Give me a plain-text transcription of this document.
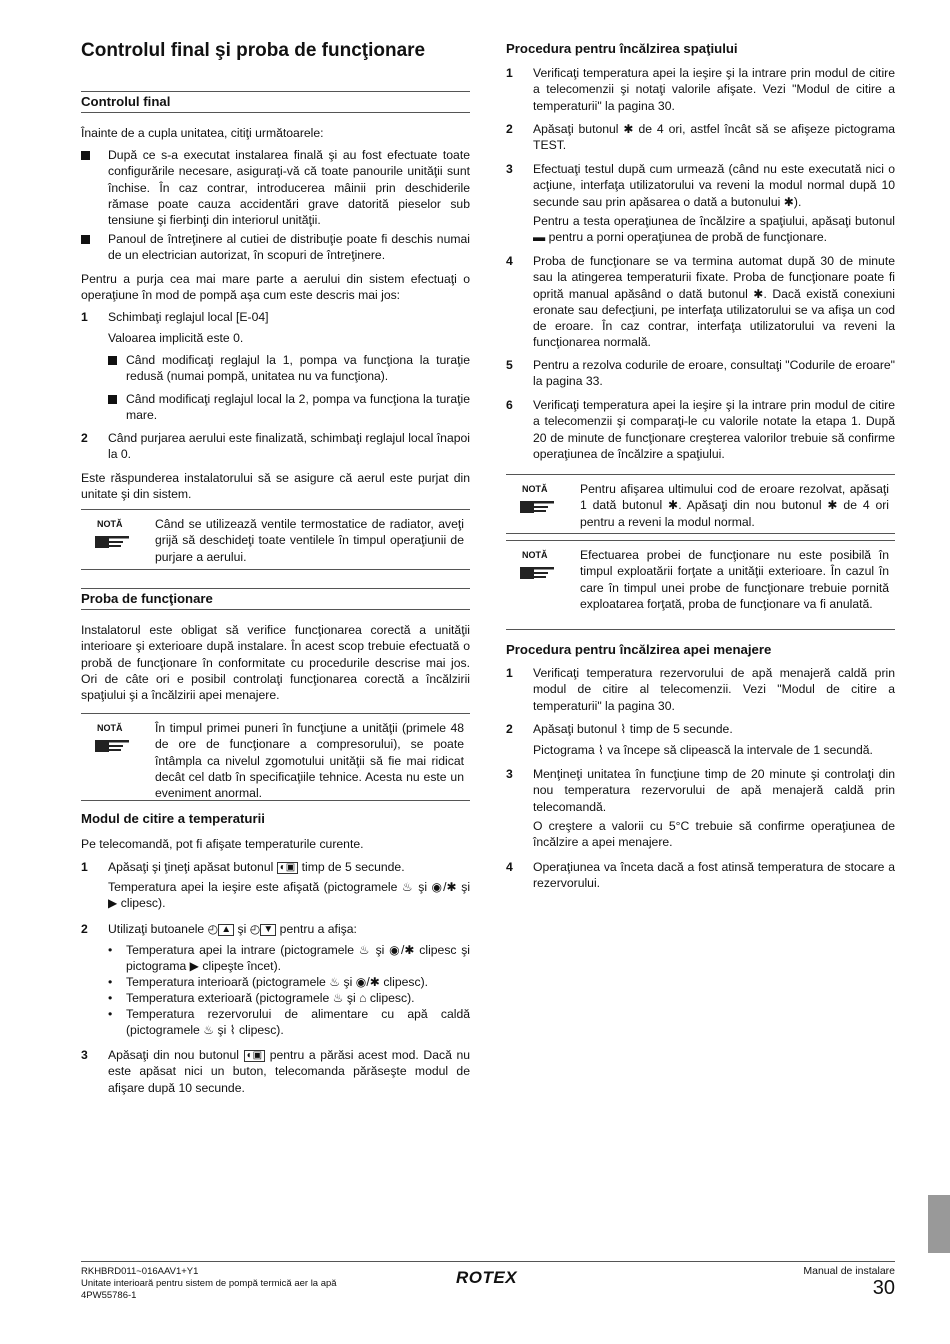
Controlul final şi proba de funcţionare
Controlul final
Înainte de a cupla unitatea, citiţi următoarele:
După ce s-a executat instalarea finală şi au fost efectuate toate configurările necesare, asiguraţi-vă că toate panourile unităţii sunt închise. În caz contrar, introducerea mâinii prin deschiderile rămase poate cauza accidentări grave datorită pieselor sub tensiune şi fierbinţi din interiorul unităţii.
Panoul de întreţinere al cutiei de distribuţie poate fi deschis numai de un electrician autorizat, în scopuri de întreţinere.
Pentru a purja cea mai mare parte a aerului din sistem efectuaţi o operaţiune în mod de pompă aşa cum este descris mai jos:
1 Schimbaţi reglajul local [E-04]
Valoarea implicită este 0.
Când modificaţi reglajul la 1, pompa va funcţiona la turaţie redusă (numai pompă, unitatea nu va funcţiona).
Când modificaţi reglajul local la 2, pompa va funcţiona la turaţie mare.
2 Când purjarea aerului este finalizată, schimbaţi reglajul local înapoi la 0.
Este răspunderea instalatorului să se asigure că aerul este purjat din unitate şi din sistem.
NOTĂ	Când se utilizează ventile termostatice de radiator, aveţi grijă să deschideţi toate ventilele în timpul operaţiunii de purjare a aerului.
Proba de funcţionare
Instalatorul este obligat să verifice funcţionarea corectă a unităţii interioare şi exterioare după instalare. În acest scop trebuie efectuată o probă de funcţionare în conformitate cu procedurile descrise mai jos. Ori de câte ori e posibil controlaţi funcţionarea corectă a încălzirii spaţiului şi a încălzirii apei menajere.
NOTĂ	În timpul primei puneri în funcţiune a unităţii (primele 48 de ore de funcţionare a compresorului), se poate întâmpla ca nivelul zgomotului unităţii să fie mai ridicat decât cel datb în specificaţiile tehnice. Acesta nu este un eveniment anormal.
Modul de citire a temperaturii
Pe telecomandă, pot fi afişate temperaturile curente.
1 Apăsaţi şi ţineţi apăsat butonul ◐▣ timp de 5 secunde.
Temperatura apei la ieşire este afişată (pictogramele ♨ şi ◉/✱ şi ▶ clipesc).
2 Utilizaţi butoanele ◴ ▲ şi ◴ ▼ pentru a afişa:
• Temperatura apei la intrare (pictogramele ♨ şi ◉/✱ clipesc şi pictograma ▶ clipeşte încet).
• Temperatura interioară (pictogramele ♨ şi ◉/✱ clipesc).
• Temperatura exterioară (pictogramele ♨ şi ⌂ clipesc).
• Temperatura rezervorului de alimentare cu apă caldă (pictogramele ♨ şi ⌇ clipesc).
3 Apăsaţi din nou butonul ◐▣ pentru a părăsi acest mod. Dacă nu este apăsat nici un buton, telecomanda părăseşte modul de afişare după 10 secunde.
Procedura pentru încălzirea spaţiului
1 Verificaţi temperatura apei la ieşire şi la intrare prin modul de citire a telecomenzii şi notaţi valorile afişate. Vezi "Modul de citire a temperaturii" la pagina 30.
2 Apăsaţi butonul ✱ de 4 ori, astfel încât să se afişeze pictograma TEST.
3 Efectuaţi testul după cum urmează (când nu este executată nici o acţiune, interfaţa utilizatorului va reveni la modul normal după 10 secunde sau prin apăsarea o dată a butonului ✱).
Pentru a testa operaţiunea de încălzire a spaţiului, apăsaţi butonul ▬ pentru a porni operaţiunea de probă de funcţionare.
4 Proba de funcţionare se va termina automat după 30 de minute sau la atingerea temperaturii fixate. Proba de funcţionare poate fi oprită manual apăsând o dată butonul ✱. Dacă există conexiuni eronate sau defecţiuni, pe interfaţa utilizatorului se va afişa un cod de eroare. În caz contrar, interfaţa utilizatorului va reveni la funcţionarea normală.
5 Pentru a rezolva codurile de eroare, consultaţi "Codurile de eroare" la pagina 33.
6 Verificaţi temperatura apei la ieşire şi la intrare prin modul de citire a telecomenzii şi comparaţi-le cu valorile notate la etapa 1. După 20 de minute de funcţionare creşterea valorilor trebuie să confirme operaţiunea de încălzire a spaţiului.
NOTĂ	Pentru afişarea ultimului cod de eroare rezolvat, apăsaţi 1 dată butonul ✱. Apăsaţi din nou butonul ✱ de 4 ori pentru a reveni la modul normal.
NOTĂ	Efectuarea probei de funcţionare nu este posibilă în timpul exploatării forţate a unităţii exterioare. În cazul în care în timpul unei probe de funcţionare trebuie pornită exploatarea forţată, proba de funcţionare va fi anulată.
Procedura pentru încălzirea apei menajere
1 Verificaţi temperatura rezervorului de apă menajeră caldă prin modul de citire al telecomenzii. Vezi "Modul de citire a temperaturii" la pagina 30.
2 Apăsaţi butonul ⌇ timp de 5 secunde.
Pictograma ⌇ va începe să clipească la intervale de 1 secundă.
3 Menţineţi unitatea în funcţiune timp de 20 minute şi controlaţi din nou temperatura rezervorului de apă menajeră caldă prin telecomandă.
O creştere a valorii cu 5°C trebuie să confirme operaţiunea de încălzire a apei menajere.
4 Operaţiunea va înceta dacă a fost atinsă temperatura de stocare a rezervorului.
RKHBRD011~016AAV1+Y1
Unitate interioară pentru sistem de pompă termică aer la apă
4PW55786-1
ROTEX	Manual de instalare
30
